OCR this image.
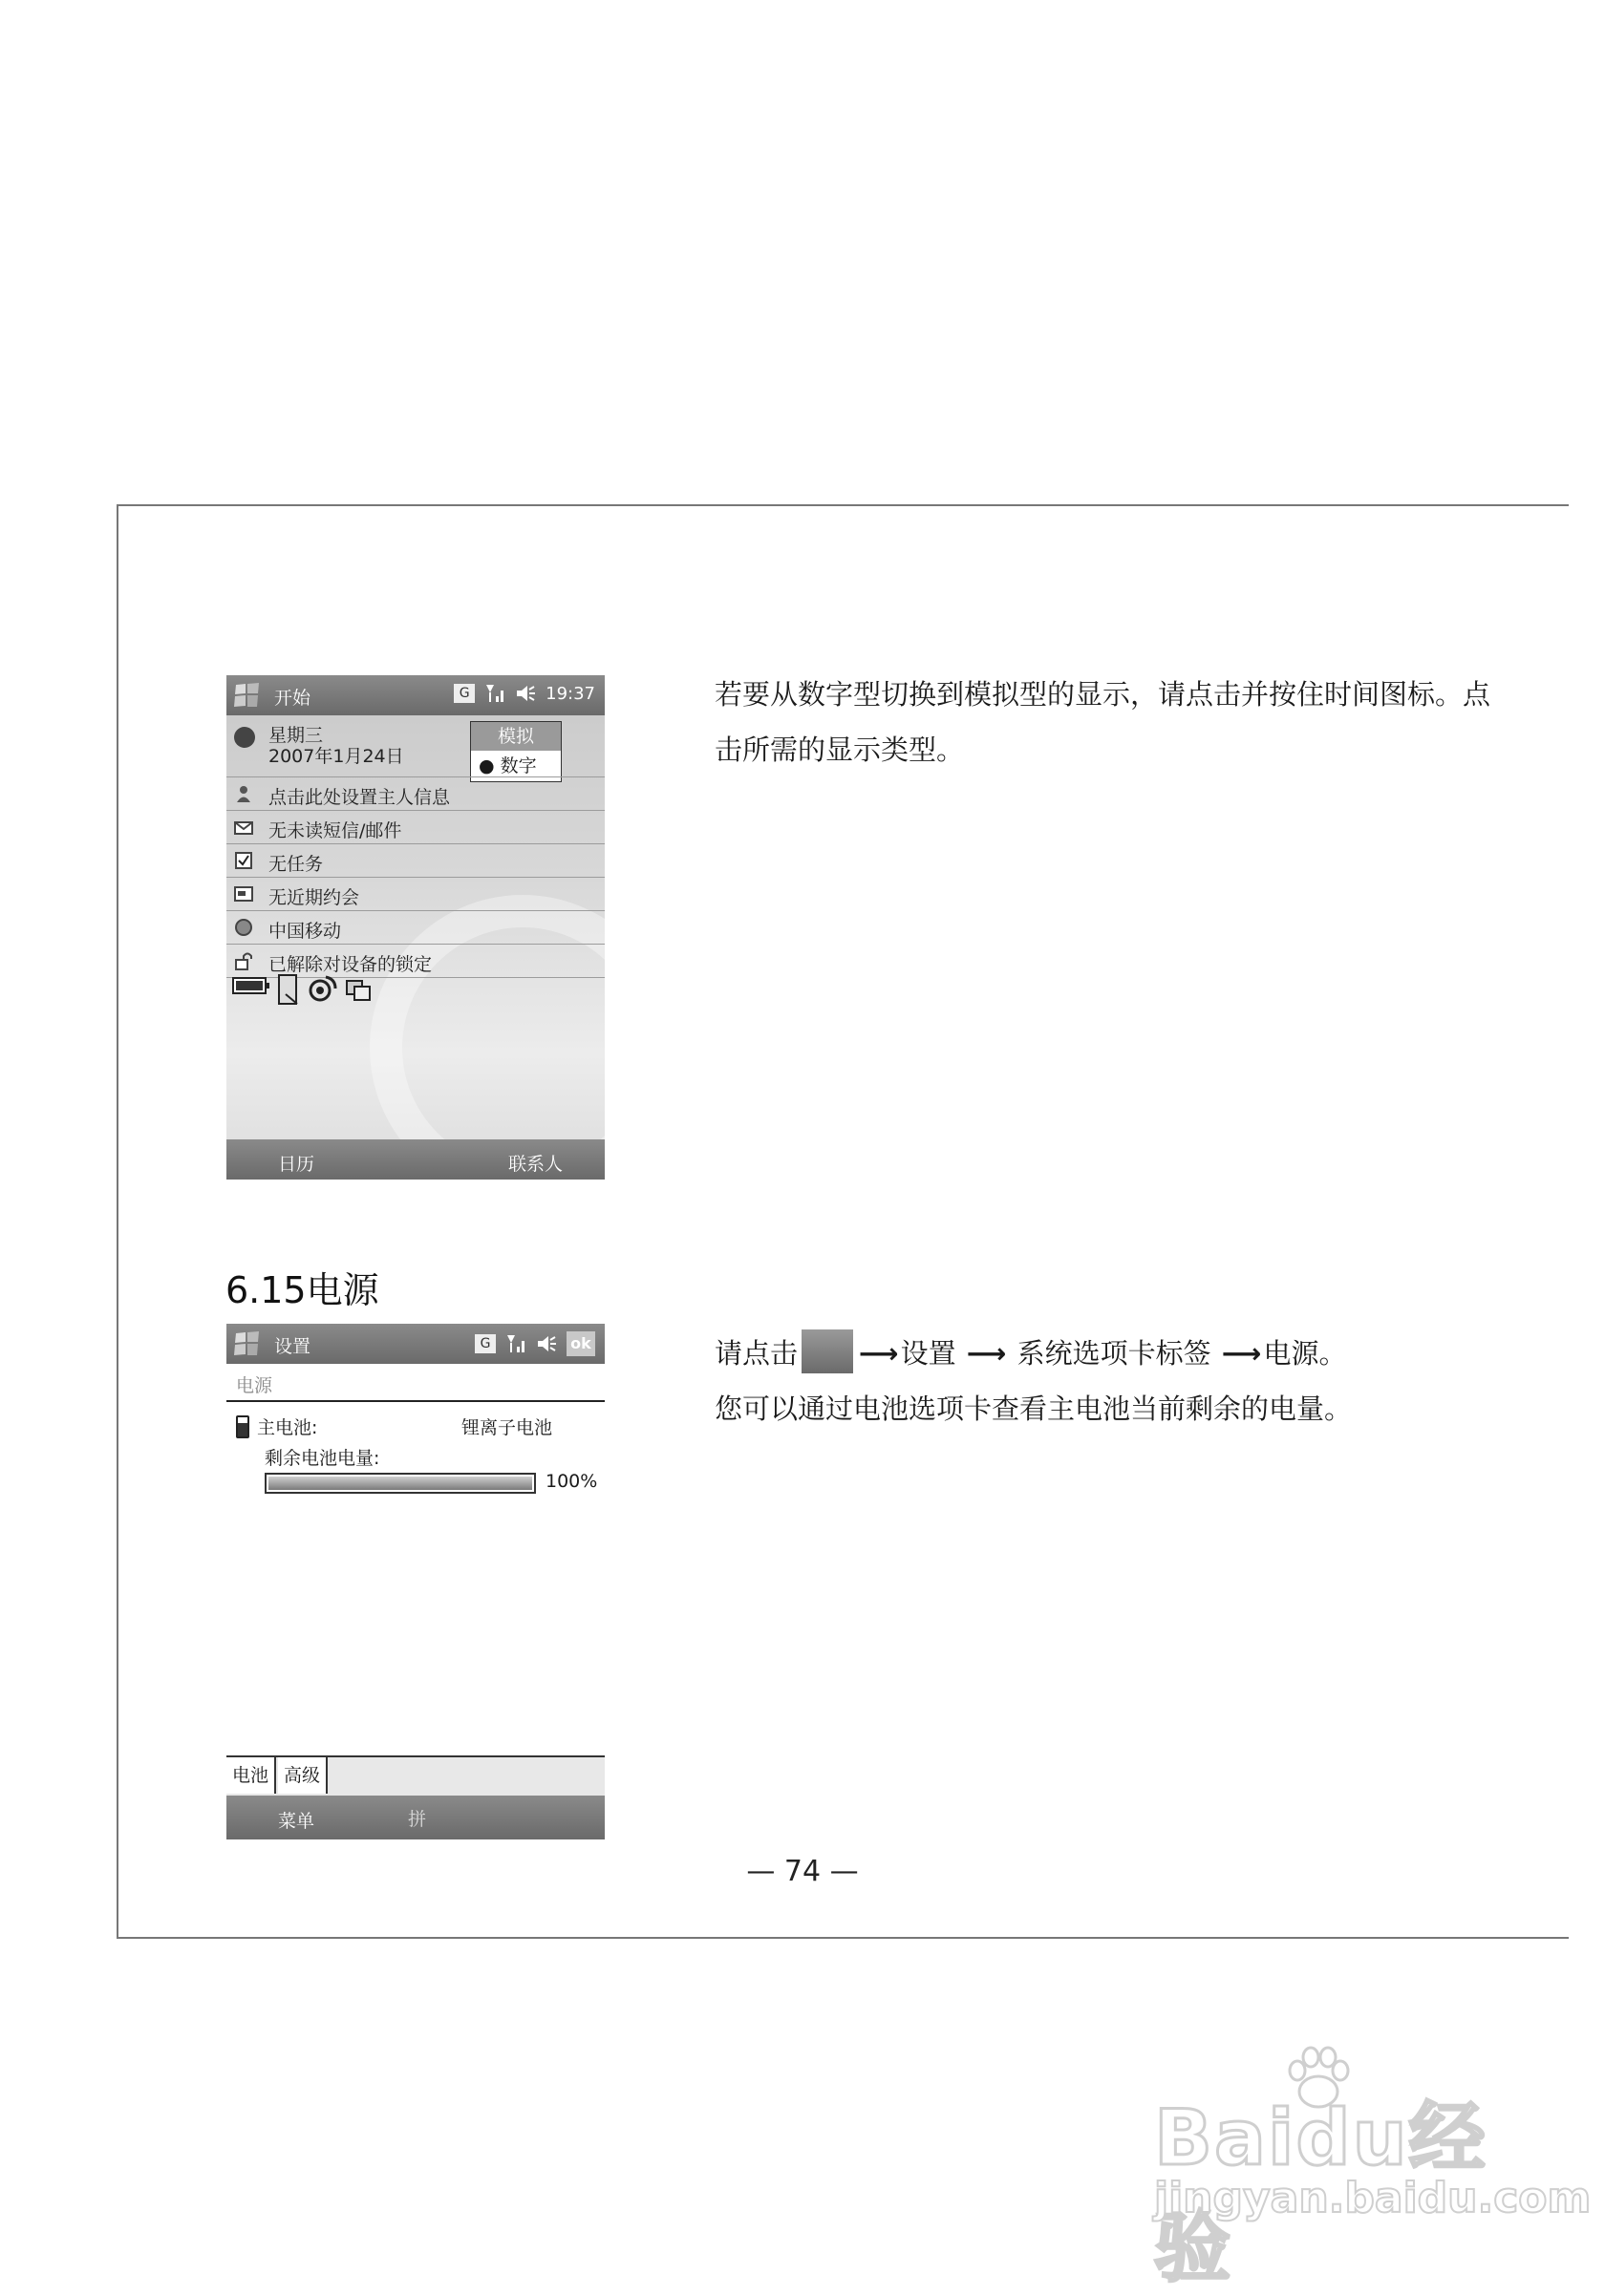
开始	G	19:37
星期三
2007年1月24日
模拟
● 数字
点击此处设置主人信息
无未读短信/邮件
无任务
无近期约会
中国移动
已解除对设备的锁定
日历	联系人
若要从数字型切换到模拟型的显示，请点击并按住时间图标。点击所需的显示类型。
6.15电源
设置	G	ok
电源
主电池:	锂离子电池
剩余电池电量:
100%
电池 高级
菜单	拼
请点击 ⟶设置 ⟶ 系统选项卡标签 ⟶电源。
您可以通过电池选项卡查看主电池当前剩余的电量。
— 74 —
Baidu经验
jingyan.baidu.com
